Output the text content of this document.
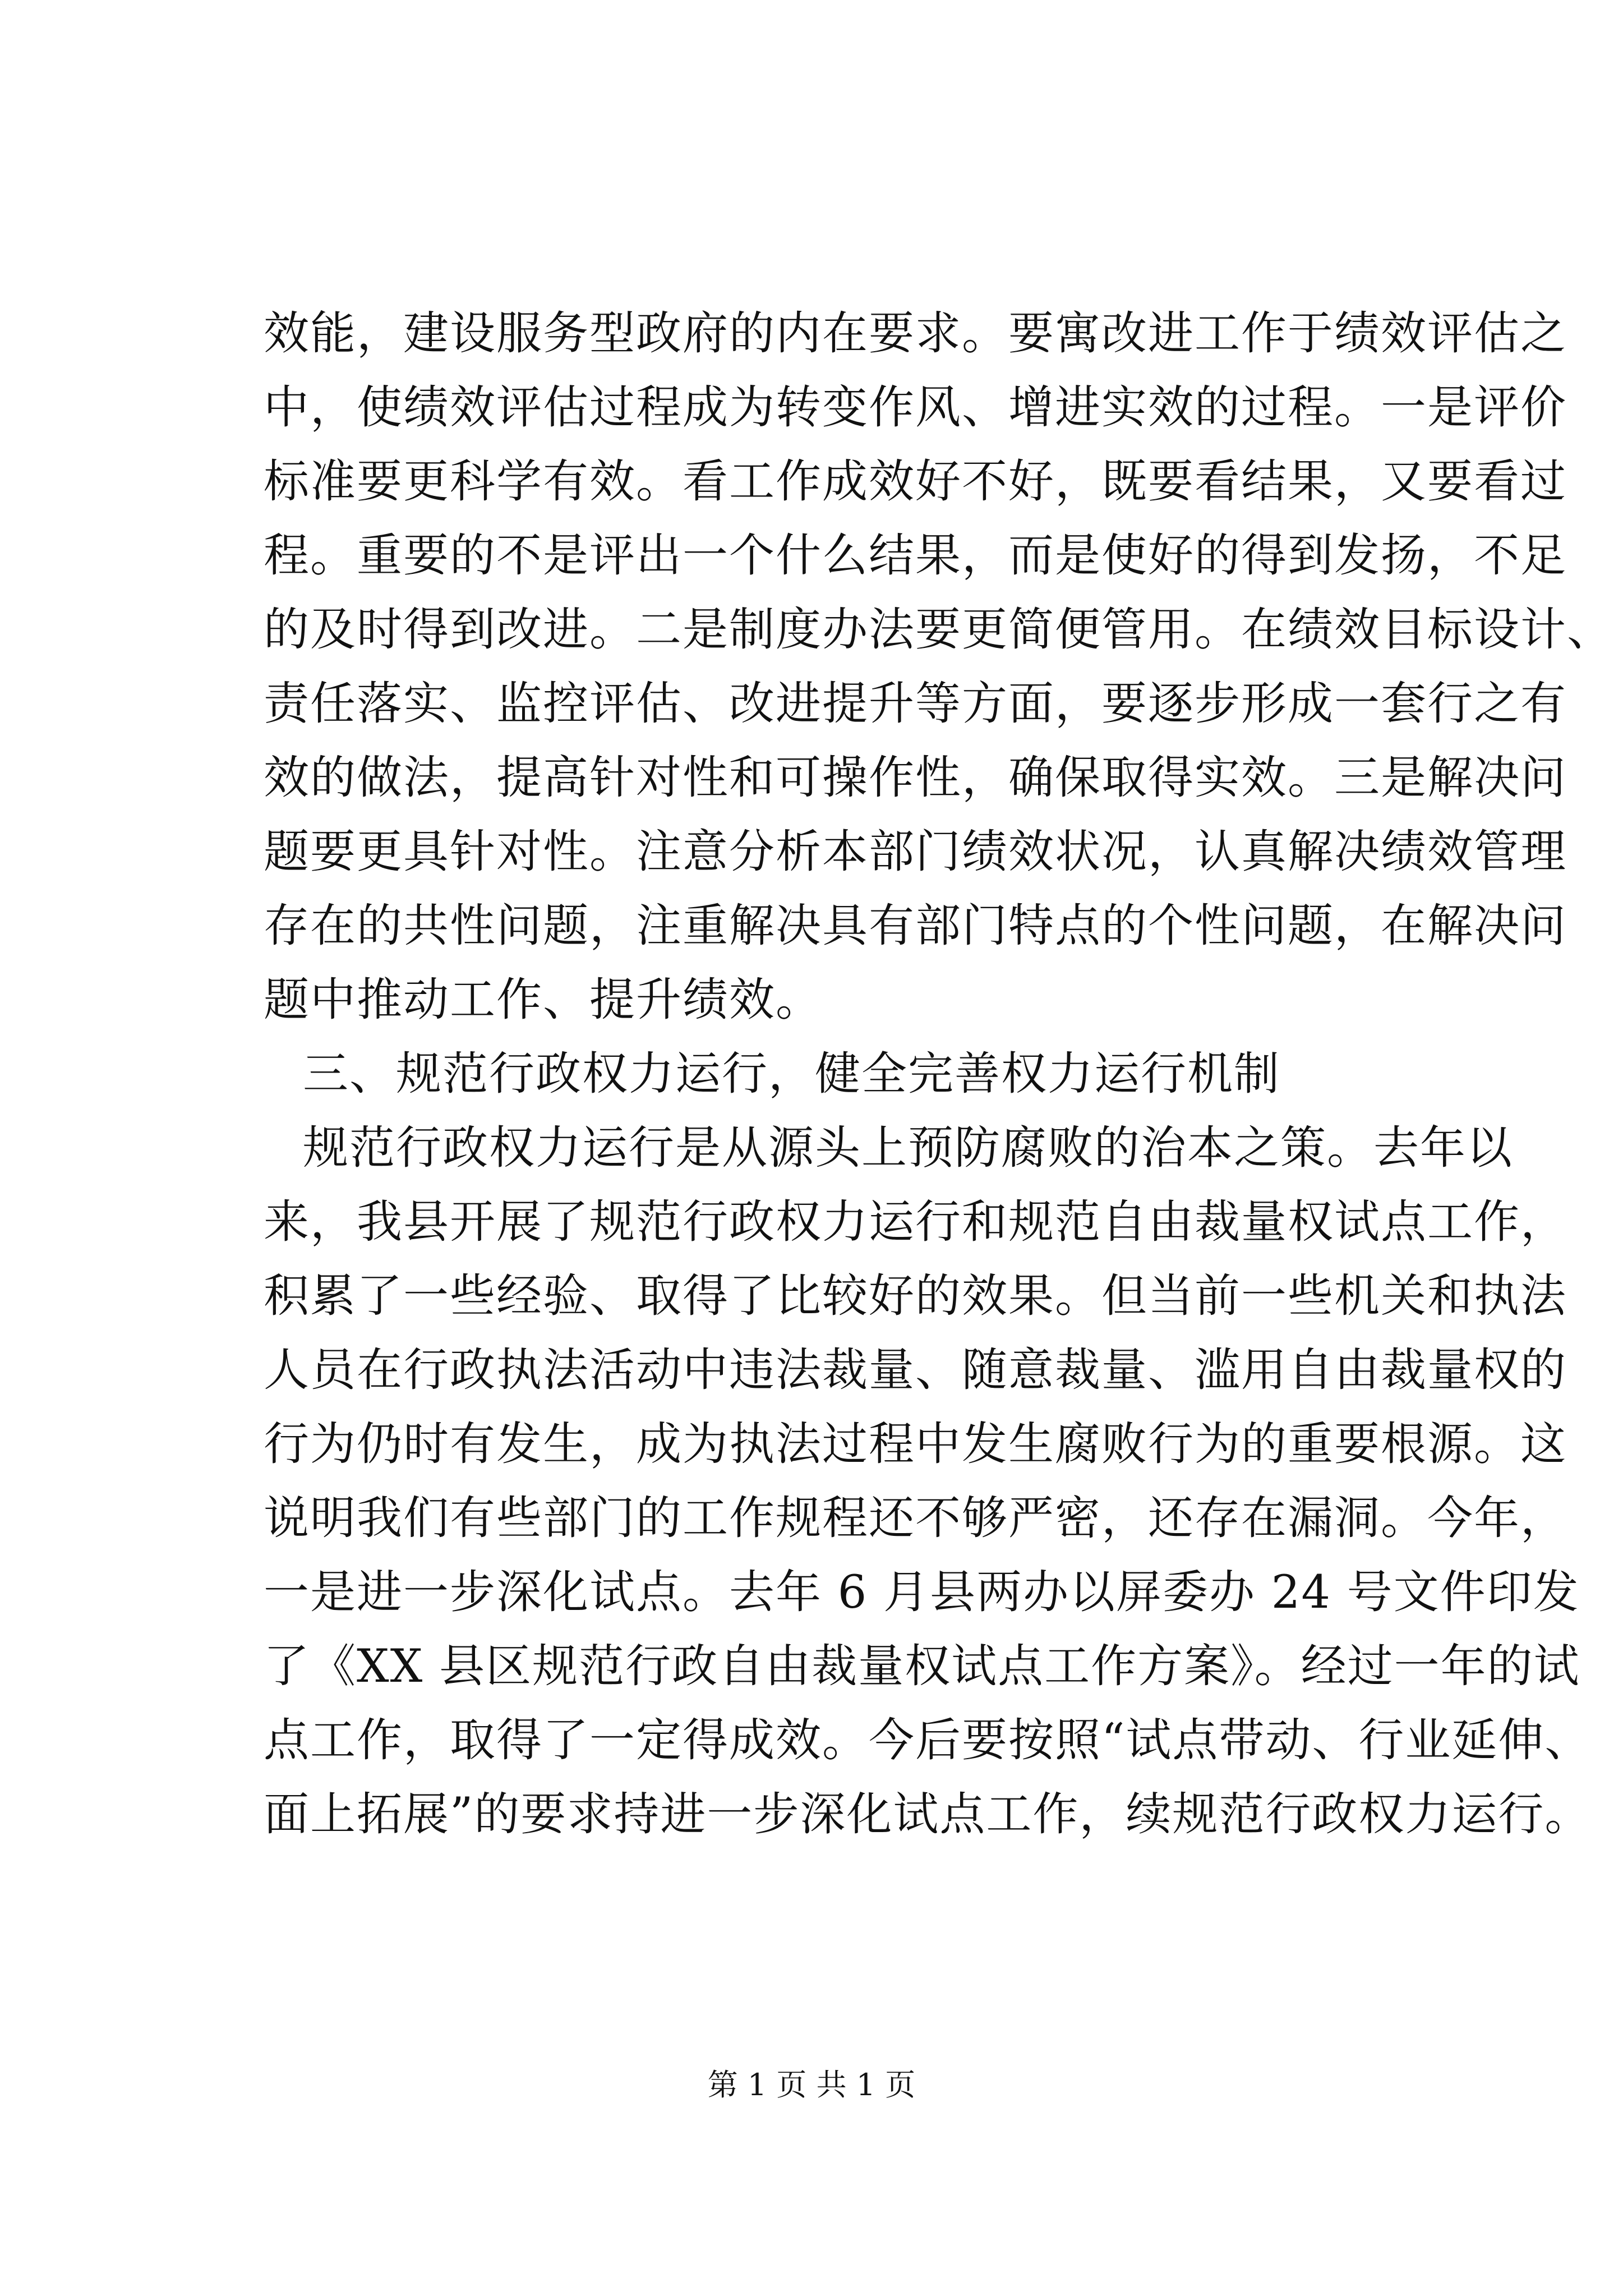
效能，建设服务型政府的内在要求。要寓改进工作于绩效评估之
中，使绩效评估过程成为转变作风、增进实效的过程。一是评价
标准要更科学有效。看工作成效好不好，既要看结果，又要看过
程。重要的不是评出一个什么结果，而是使好的得到发扬，不足
的及时得到改进。二是制度办法要更简便管用。在绩效目标设计、
责任落实、监控评估、改进提升等方面，要逐步形成一套行之有
效的做法，提高针对性和可操作性，确保取得实效。三是解决问
题要更具针对性。注意分析本部门绩效状况，认真解决绩效管理
存在的共性问题，注重解决具有部门特点的个性问题，在解决问
题中推动工作、提升绩效。
三、规范行政权力运行，健全完善权力运行机制
规范行政权力运行是从源头上预防腐败的治本之策。去年以
来，我县开展了规范行政权力运行和规范自由裁量权试点工作，
积累了一些经验、取得了比较好的效果。但当前一些机关和执法
人员在行政执法活动中违法裁量、随意裁量、滥用自由裁量权的
行为仍时有发生，成为执法过程中发生腐败行为的重要根源。这
说明我们有些部门的工作规程还不够严密，还存在漏洞。今年，
一是进一步深化试点。去年 6 月县两办以屏委办 24 号文件印发
了《XX 县区规范行政自由裁量权试点工作方案》。经过一年的试
点工作，取得了一定得成效。今后要按照“试点带动、行业延伸、
面上拓展”的要求持进一步深化试点工作，续规范行政权力运行。
第 1 页 共 1 页
